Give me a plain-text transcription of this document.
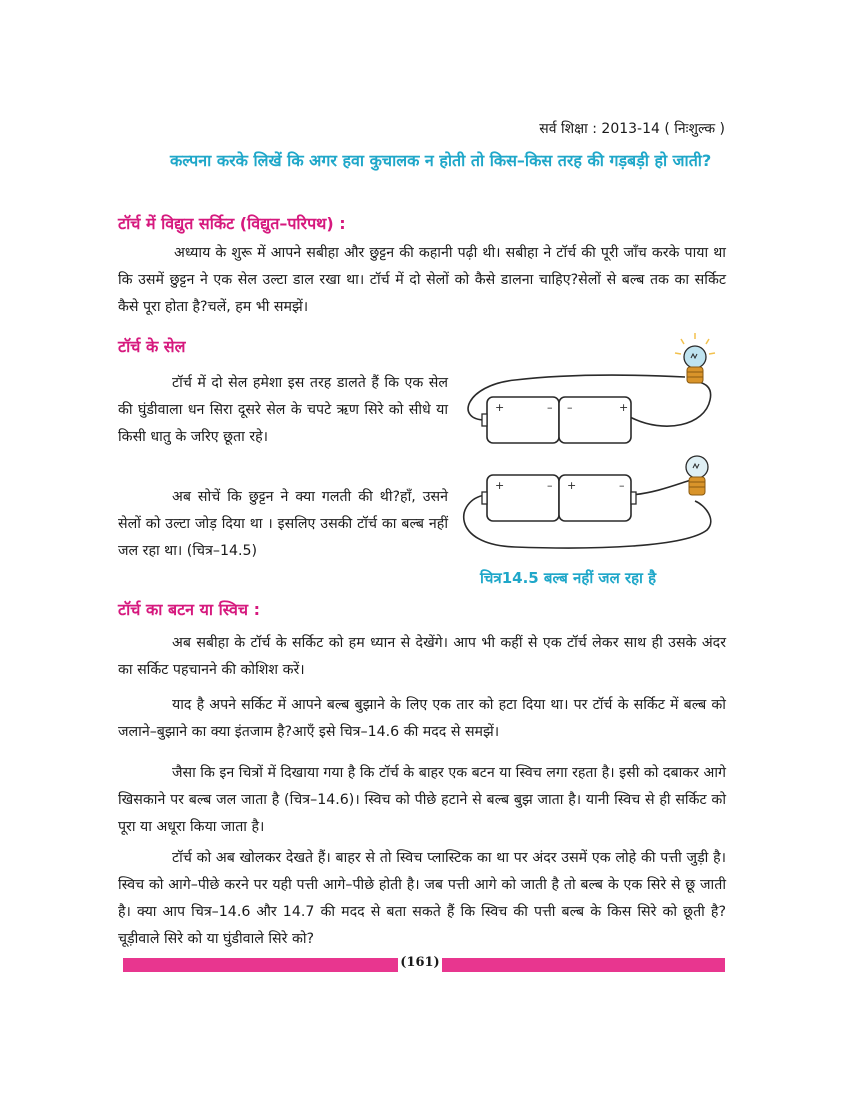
सर्व शिक्षा : 2013-14 ( निःशुल्क )
कल्पना करके लिखें कि अगर हवा कुचालक न होती तो किस–किस तरह की गड़बड़ी हो जाती?
टॉर्च में विद्युत सर्किट (विद्युत–परिपथ) :
अध्याय के शुरू में आपने सबीहा और छुट्टन की कहानी पढ़ी थी। सबीहा ने टॉर्च की पूरी जाँच करके पाया था कि उसमें छुट्टन ने एक सेल उल्टा डाल रखा था। टॉर्च में दो सेलों को कैसे डालना चाहिए?सेलों से बल्ब तक का सर्किट कैसे पूरा होता है?चलें, हम भी समझें।
टॉर्च के सेल
टॉर्च में दो सेल हमेशा इस तरह डालते हैं कि एक सेल की घुंडीवाला धन सिरा दूसरे सेल के चपटे ऋण सिरे को सीधे या किसी धातु के जरिए छूता रहे।
अब सोचें कि छुट्टन ने क्या गलती की थी?हाँ, उसने सेलों को उल्टा जोड़ दिया था । इसलिए उसकी टॉर्च का बल्ब नहीं जल रहा था। (चित्र–14.5)
+	– –	+
+	– +	–
चित्र14.5 बल्ब नहीं जल रहा है
टॉर्च का बटन या स्विच :
अब सबीहा के टॉर्च के सर्किट को हम ध्यान से देखेंगे। आप भी कहीं से एक टॉर्च लेकर साथ ही उसके अंदर का सर्किट पहचानने की कोशिश करें।
याद है अपने सर्किट में आपने बल्ब बुझाने के लिए एक तार को हटा दिया था। पर टॉर्च के सर्किट में बल्ब को जलाने–बुझाने का क्या इंतजाम है?आएँ इसे चित्र–14.6 की मदद से समझें।
जैसा कि इन चित्रों में दिखाया गया है कि टॉर्च के बाहर एक बटन या स्विच लगा रहता है। इसी को दबाकर आगे खिसकाने पर बल्ब जल जाता है (चित्र–14.6)। स्विच को पीछे हटाने से बल्ब बुझ जाता है। यानी स्विच से ही सर्किट को पूरा या अधूरा किया जाता है।
टॉर्च को अब खोलकर देखते हैं। बाहर से तो स्विच प्लास्टिक का था पर अंदर उसमें एक लोहे की पत्ती जुड़ी है। स्विच को आगे–पीछे करने पर यही पत्ती आगे–पीछे होती है। जब पत्ती आगे को जाती है तो बल्ब के एक सिरे से छू जाती है। क्या आप चित्र–14.6 और 14.7 की मदद से बता सकते हैं कि स्विच की पत्ती बल्ब के किस सिरे को छूती है?चूड़ीवाले सिरे को या घुंडीवाले सिरे को?
(161)
